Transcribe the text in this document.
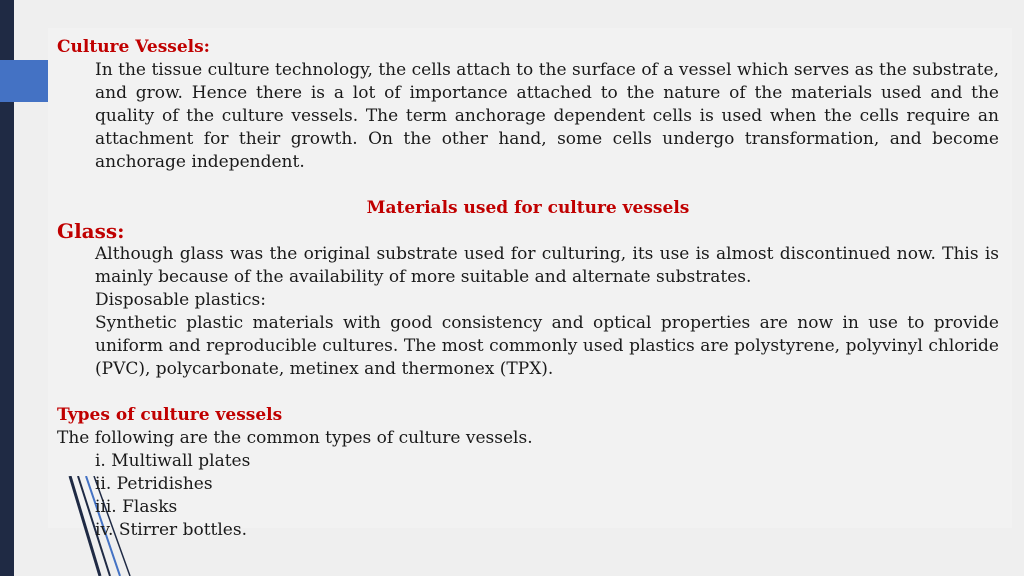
Culture Vessels:

In the tissue culture technology, the cells attach to the surface of a vessel which serves as the substrate, and grow. Hence there is a lot of importance attached to the nature of the materials used and the quality of the culture vessels. The term anchorage dependent cells is used when the cells require an attachment for their growth. On the other hand, some cells undergo transformation, and become anchorage independent.

Materials used for culture vessels

Glass:

Although glass was the original substrate used for culturing, its use is almost discontinued now. This is mainly because of the availability of more suitable and alternate substrates.

Disposable plastics:

Synthetic plastic materials with good consistency and optical properties are now in use to provide uniform and reproducible cultures. The most commonly used plastics are polystyrene, polyvinyl chloride (PVC), polycarbonate, metinex and thermonex (TPX).

Types of culture vessels

The following are the common types of culture vessels.

i. Multiwall plates

ii. Petridishes

iii. Flasks

iv. Stirrer bottles.
